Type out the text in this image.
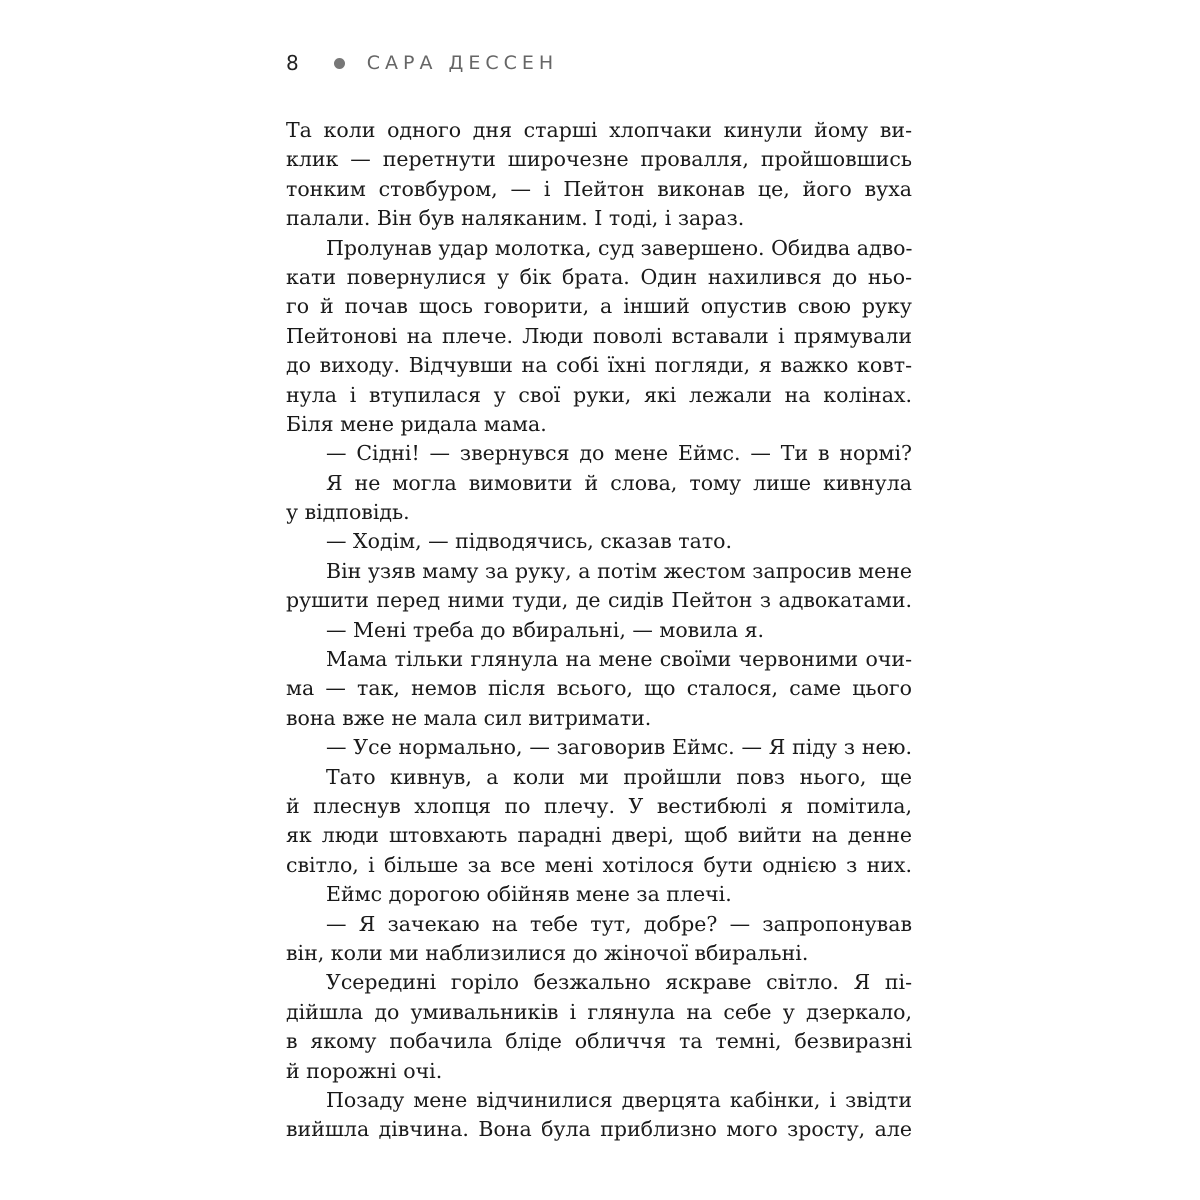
8	САРА ДЕССЕН
Та коли одного дня старші хлопчаки кинули йому ви-
клик — перетнути широчезне провалля, пройшовшись
тонким стовбуром, — і Пейтон виконав це, його вуха
палали. Він був наляканим. І тоді, і зараз.
Пролунав удар молотка, суд завершено. Обидва адво-
кати повернулися у бік брата. Один нахилився до ньо-
го й почав щось говорити, а інший опустив свою руку
Пейтонові на плече. Люди поволі вставали і прямували
до виходу. Відчувши на собі їхні погляди, я важко ковт-
нула і втупилася у свої руки, які лежали на колінах.
Біля мене ридала мама.
— Сідні! — звернувся до мене Еймс. — Ти в нормі?
Я не могла вимовити й слова, тому лише кивнула
у відповідь.
— Ходім, — підводячись, сказав тато.
Він узяв маму за руку, а потім жестом запросив мене
рушити перед ними туди, де сидів Пейтон з адвокатами.
— Мені треба до вбиральні, — мовила я.
Мама тільки глянула на мене своїми червоними очи-
ма — так, немов після всього, що сталося, саме цього
вона вже не мала сил витримати.
— Усе нормально, — заговорив Еймс. — Я піду з нею.
Тато кивнув, а коли ми пройшли повз нього, ще
й плеснув хлопця по плечу. У вестибюлі я помітила,
як люди штовхають парадні двері, щоб вийти на денне
світло, і більше за все мені хотілося бути однією з них.
Еймс дорогою обійняв мене за плечі.
— Я зачекаю на тебе тут, добре? — запропонував
він, коли ми наблизилися до жіночої вбиральні.
Усередині горіло безжально яскраве світло. Я пі-
дійшла до умивальників і глянула на себе у дзеркало,
в якому побачила бліде обличчя та темні, безвиразні
й порожні очі.
Позаду мене відчинилися дверцята кабінки, і звідти
вийшла дівчина. Вона була приблизно мого зросту, але
